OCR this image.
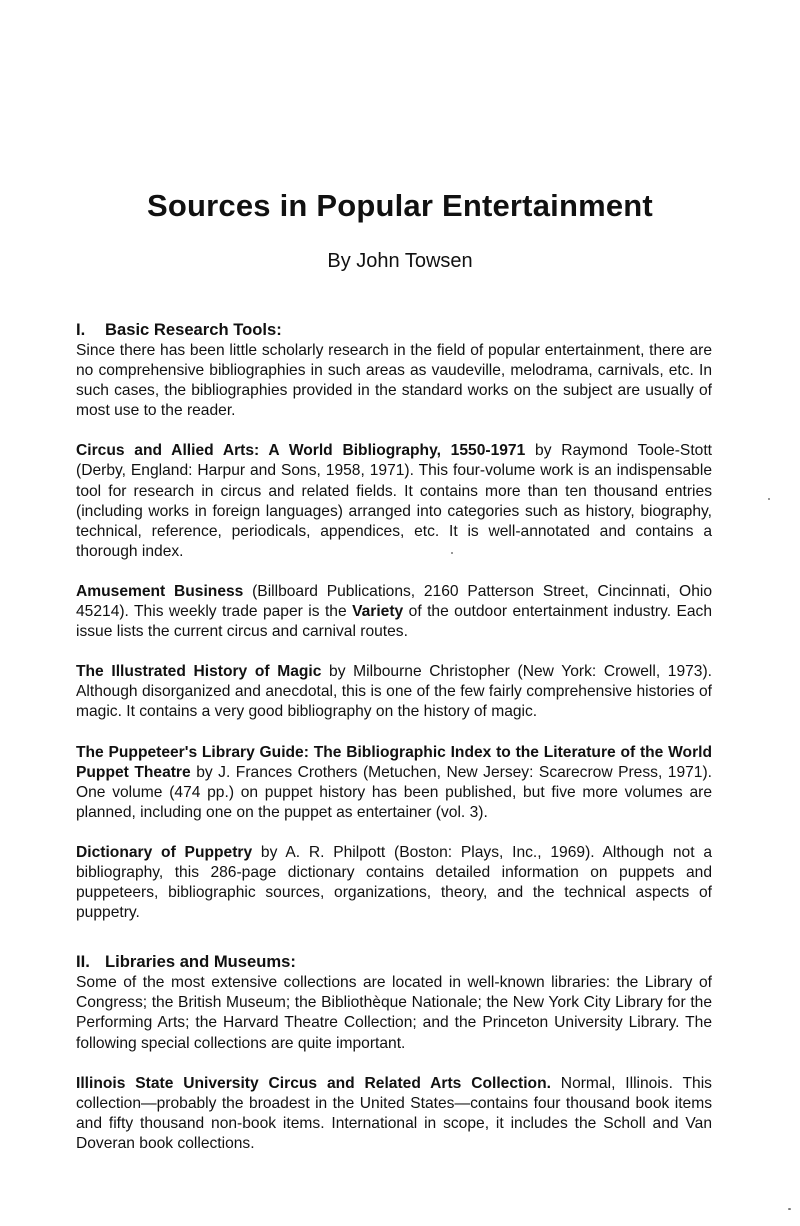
Sources in Popular Entertainment
By John Towsen
I. Basic Research Tools:

Since there has been little scholarly research in the field of popular entertainment, there are no comprehensive bibliographies in such areas as vaudeville, melodrama, carnivals, etc. In such cases, the bibliographies provided in the standard works on the subject are usually of most use to the reader.

Circus and Allied Arts: A World Bibliography, 1550-1971 by Raymond Toole-Stott (Derby, England: Harpur and Sons, 1958, 1971). This four-volume work is an indispensable tool for research in circus and related fields. It contains more than ten thousand entries (including works in foreign languages) arranged into categories such as history, biography, technical, reference, periodicals, appendices, etc. It is well-annotated and contains a thorough index.

Amusement Business (Billboard Publications, 2160 Patterson Street, Cincinnati, Ohio 45214). This weekly trade paper is the Variety of the outdoor entertainment industry. Each issue lists the current circus and carnival routes.

The Illustrated History of Magic by Milbourne Christopher (New York: Crowell, 1973). Although disorganized and anecdotal, this is one of the few fairly comprehensive histories of magic. It contains a very good bibliography on the history of magic.

The Puppeteer's Library Guide: The Bibliographic Index to the Literature of the World Puppet Theatre by J. Frances Crothers (Metuchen, New Jersey: Scarecrow Press, 1971). One volume (474 pp.) on puppet history has been published, but five more volumes are planned, including one on the puppet as entertainer (vol. 3).

Dictionary of Puppetry by A. R. Philpott (Boston: Plays, Inc., 1969). Although not a bibliography, this 286-page dictionary contains detailed information on puppets and puppeteers, bibliographic sources, organizations, theory, and the technical aspects of puppetry.

II. Libraries and Museums:

Some of the most extensive collections are located in well-known libraries: the Library of Congress; the British Museum; the Bibliothèque Nationale; the New York City Library for the Performing Arts; the Harvard Theatre Collection; and the Princeton University Library. The following special collections are quite important.

Illinois State University Circus and Related Arts Collection. Normal, Illinois. This collection—probably the broadest in the United States—contains four thousand book items and fifty thousand non-book items. International in scope, it includes the Scholl and Van Doveran book collections.
